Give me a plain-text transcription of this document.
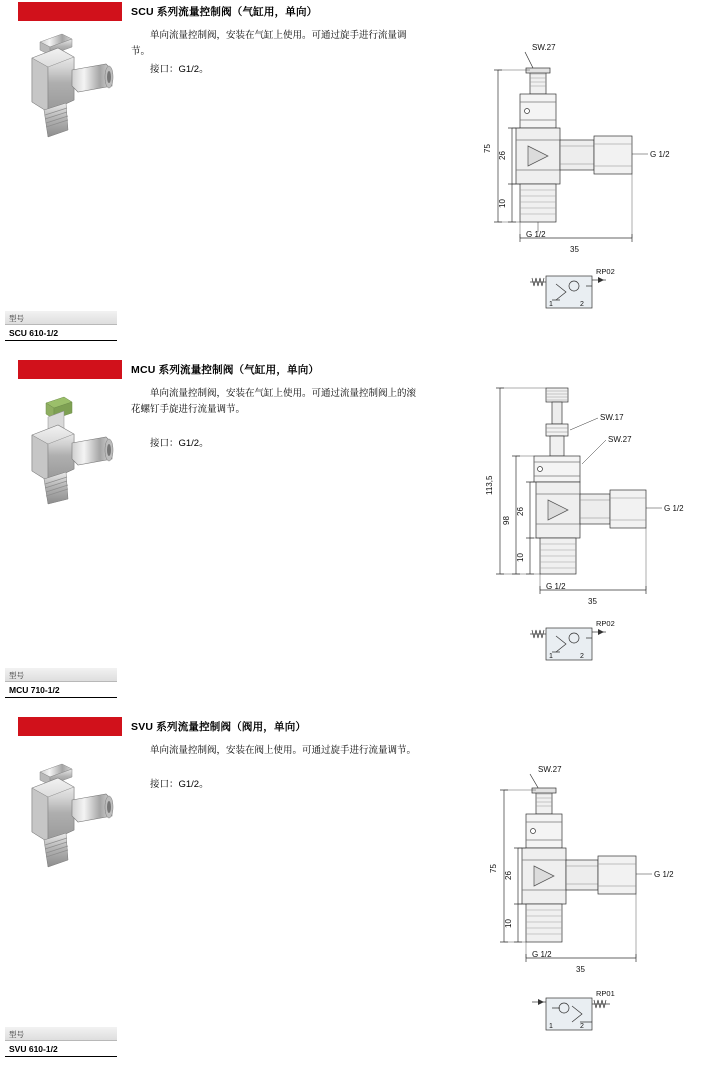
SCU 系列流量控制阀（气缸用，单向）
单向流量控制阀，安装在气缸上使用。可通过旋手进行流量调节。
接口：G1/2。
型号
SCU 610-1/2
SW.27
75
26
10
G 1/2
G 1/2
35
RP02
1	2
MCU 系列流量控制阀（气缸用，单向）
单向流量控制阀，安装在气缸上使用。可通过流量控制阀上的滚花螺钉手旋进行流量调节。
接口：G1/2。
型号
MCU 710-1/2
SW.17
SW.27
113,5
98
26
10
G 1/2
G 1/2
35
RP02
1	2
SVU 系列流量控制阀（阀用，单向）
单向流量控制阀，安装在阀上使用。可通过旋手进行流量调节。
接口：G1/2。
型号
SVU 610-1/2
SW.27
75
26
10
G 1/2
G 1/2
35
RP01
1	2
